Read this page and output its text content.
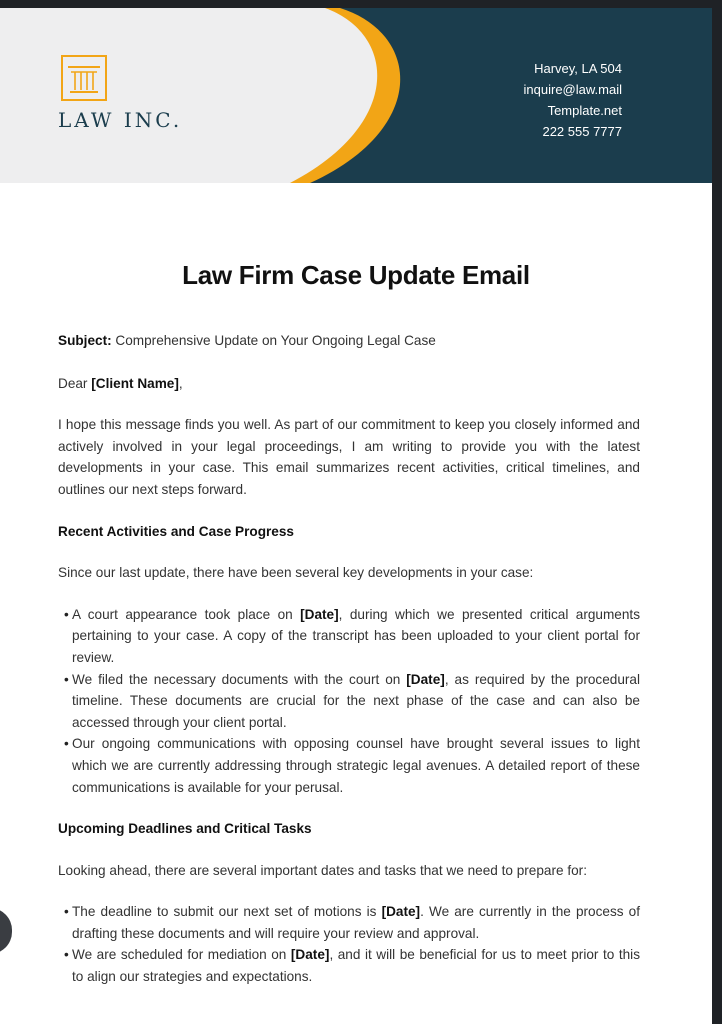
LAW INC.
Harvey, LA 504
inquire@law.mail
Template.net
222 555 7777
Law Firm Case Update Email

Subject: Comprehensive Update on Your Ongoing Legal Case

Dear [Client Name],

I hope this message finds you well. As part of our commitment to keep you closely informed and actively involved in your legal proceedings, I am writing to provide you with the latest developments in your case. This email summarizes recent activities, critical timelines, and outlines our next steps forward.

Recent Activities and Case Progress

Since our last update, there have been several key developments in your case:

• A court appearance took place on [Date], during which we presented critical arguments pertaining to your case. A copy of the transcript has been uploaded to your client portal for review.
• We filed the necessary documents with the court on [Date], as required by the procedural timeline. These documents are crucial for the next phase of the case and can also be accessed through your client portal.
• Our ongoing communications with opposing counsel have brought several issues to light which we are currently addressing through strategic legal avenues. A detailed report of these communications is available for your perusal.

Upcoming Deadlines and Critical Tasks

Looking ahead, there are several important dates and tasks that we need to prepare for:

• The deadline to submit our next set of motions is [Date]. We are currently in the process of drafting these documents and will require your review and approval.
• We are scheduled for mediation on [Date], and it will be beneficial for us to meet prior to this to align our strategies and expectations.
